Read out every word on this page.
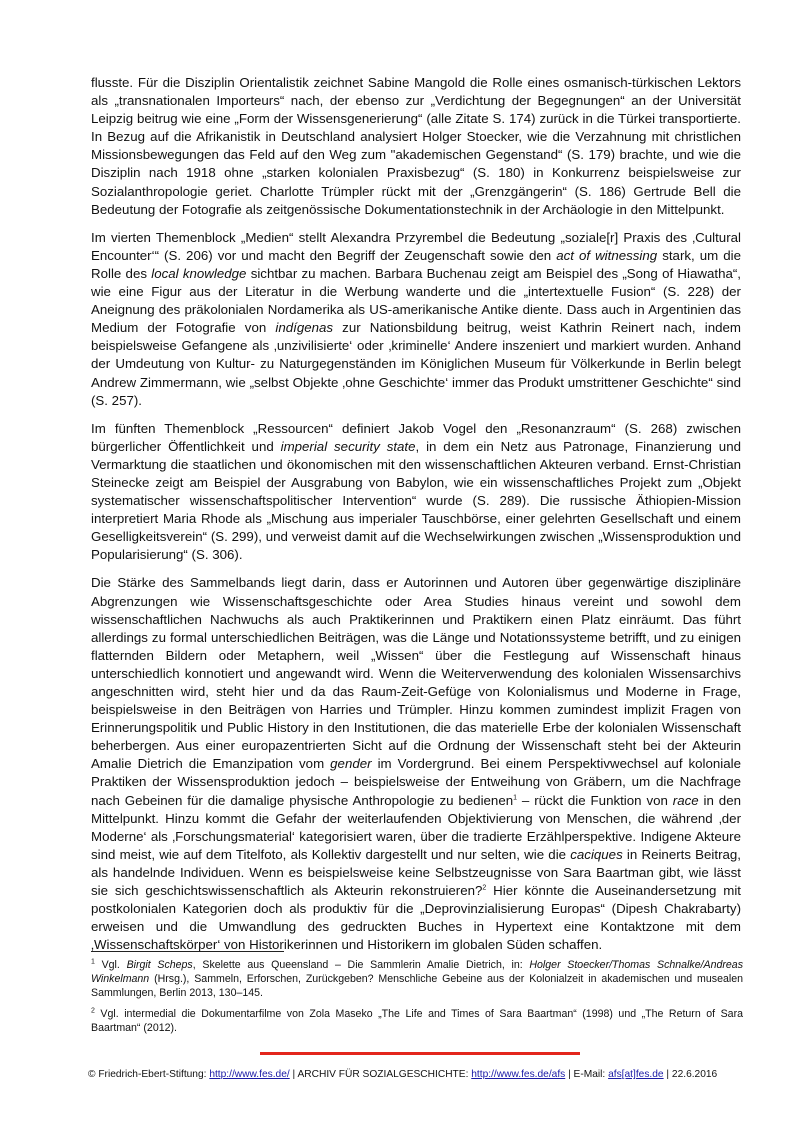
flusste. Für die Disziplin Orientalistik zeichnet Sabine Mangold die Rolle eines osmanisch-türkischen Lektors als „transnationalen Importeurs“ nach, der ebenso zur „Verdichtung der Begegnungen“ an der Universität Leipzig beitrug wie eine „Form der Wissensgenerierung“ (alle Zitate S. 174) zurück in die Türkei transportierte. In Bezug auf die Afrikanistik in Deutschland analysiert Holger Stoecker, wie die Verzahnung mit christlichen Missionsbewegungen das Feld auf den Weg zum "akademischen Gegenstand“ (S. 179) brachte, und wie die Disziplin nach 1918 ohne „starken kolonialen Praxisbezug“ (S. 180) in Konkurrenz beispielsweise zur Sozialanthropologie geriet. Charlotte Trümpler rückt mit der „Grenzgängerin“ (S. 186) Gertrude Bell die Bedeutung der Fotografie als zeitgenössische Dokumentationstechnik in der Archäologie in den Mittelpunkt.

Im vierten Themenblock „Medien“ stellt Alexandra Przyrembel die Bedeutung „soziale[r] Praxis des ‚Cultural Encounter‘“ (S. 206) vor und macht den Begriff der Zeugenschaft sowie den act of witnessing stark, um die Rolle des local knowledge sichtbar zu machen. Barbara Buchenau zeigt am Beispiel des „Song of Hiawatha“, wie eine Figur aus der Literatur in die Werbung wanderte und die „intertextuelle Fusion“ (S. 228) der Aneignung des präkolonialen Nordamerika als US-amerikanische Antike diente. Dass auch in Argentinien das Medium der Fotografie von indígenas zur Nationsbildung beitrug, weist Kathrin Reinert nach, indem beispielsweise Gefangene als ‚unzivilisierte‘ oder ‚kriminelle‘ Andere inszeniert und markiert wurden. Anhand der Umdeutung von Kultur- zu Naturgegenständen im Königlichen Museum für Völkerkunde in Berlin belegt Andrew Zimmermann, wie „selbst Objekte ‚ohne Geschichte‘ immer das Produkt umstrittener Geschichte“ sind (S. 257).

Im fünften Themenblock „Ressourcen“ definiert Jakob Vogel den „Resonanzraum“ (S. 268) zwischen bürgerlicher Öffentlichkeit und imperial security state, in dem ein Netz aus Patronage, Finanzierung und Vermarktung die staatlichen und ökonomischen mit den wissenschaftlichen Akteuren verband. Ernst-Christian Steinecke zeigt am Beispiel der Ausgrabung von Babylon, wie ein wissenschaftliches Projekt zum „Objekt systematischer wissenschaftspolitischer Intervention“ wurde (S. 289). Die russische Äthiopien-Mission interpretiert Maria Rhode als „Mischung aus imperialer Tauschbörse, einer gelehrten Gesellschaft und einem Geselligkeitsverein“ (S. 299), und verweist damit auf die Wechselwirkungen zwischen „Wissensproduktion und Popularisierung“ (S. 306).

Die Stärke des Sammelbands liegt darin, dass er Autorinnen und Autoren über gegenwärtige disziplinäre Abgrenzungen wie Wissenschaftsgeschichte oder Area Studies hinaus vereint und sowohl dem wissenschaftlichen Nachwuchs als auch Praktikerinnen und Praktikern einen Platz einräumt. Das führt allerdings zu formal unterschiedlichen Beiträgen, was die Länge und Notationssysteme betrifft, und zu einigen flatternden Bildern oder Metaphern, weil „Wissen“ über die Festlegung auf Wissenschaft hinaus unterschiedlich konnotiert und angewandt wird. Wenn die Weiterverwendung des kolonialen Wissensarchivs angeschnitten wird, steht hier und da das Raum-Zeit-Gefüge von Kolonialismus und Moderne in Frage, beispielsweise in den Beiträgen von Harries und Trümpler. Hinzu kommen zumindest implizit Fragen von Erinnerungspolitik und Public History in den Institutionen, die das materielle Erbe der kolonialen Wissenschaft beherbergen. Aus einer europazentrierten Sicht auf die Ordnung der Wissenschaft steht bei der Akteurin Amalie Dietrich die Emanzipation vom gender im Vordergrund. Bei einem Perspektivwechsel auf koloniale Praktiken der Wissensproduktion jedoch – beispielsweise der Entweihung von Gräbern, um die Nachfrage nach Gebeinen für die damalige physische Anthropologie zu bedienen$^1$ – rückt die Funktion von race in den Mittelpunkt. Hinzu kommt die Gefahr der weiterlaufenden Objektivierung von Menschen, die während ‚der Moderne‘ als ‚Forschungsmaterial‘ kategorisiert waren, über die tradierte Erzählperspektive. Indigene Akteure sind meist, wie auf dem Titelfoto, als Kollektiv dargestellt und nur selten, wie die caciques in Reinerts Beitrag, als handelnde Individuen. Wenn es beispielsweise keine Selbstzeugnisse von Sara Baartman gibt, wie lässt sie sich geschichtswissenschaftlich als Akteurin rekonstruieren?$^2$ Hier könnte die Auseinandersetzung mit postkolonialen Kategorien doch als produktiv für die „Deprovinzialisierung Europas“ (Dipesh Chakrabarty) erweisen und die Umwandlung des gedruckten Buches in Hypertext eine Kontaktzone mit dem ‚Wissenschaftskörper‘ von Historikerinnen und Historikern im globalen Süden schaffen.

$^1$ Vgl. Birgit Scheps, Skelette aus Queensland – Die Sammlerin Amalie Dietrich, in: Holger Stoecker/Thomas Schnalke/Andreas Winkelmann (Hrsg.), Sammeln, Erforschen, Zurückgeben? Menschliche Gebeine aus der Kolonialzeit in akademischen und musealen Sammlungen, Berlin 2013, 130–145.

$^2$ Vgl. intermedial die Dokumentarfilme von Zola Maseko „The Life and Times of Sara Baartman“ (1998) und „The Return of Sara Baartman“ (2012).

© Friedrich-Ebert-Stiftung: http://www.fes.de/ | ARCHIV FÜR SOZIALGESCHICHTE: http://www.fes.de/afs | E-Mail: afs[at]fes.de | 22.6.2016
